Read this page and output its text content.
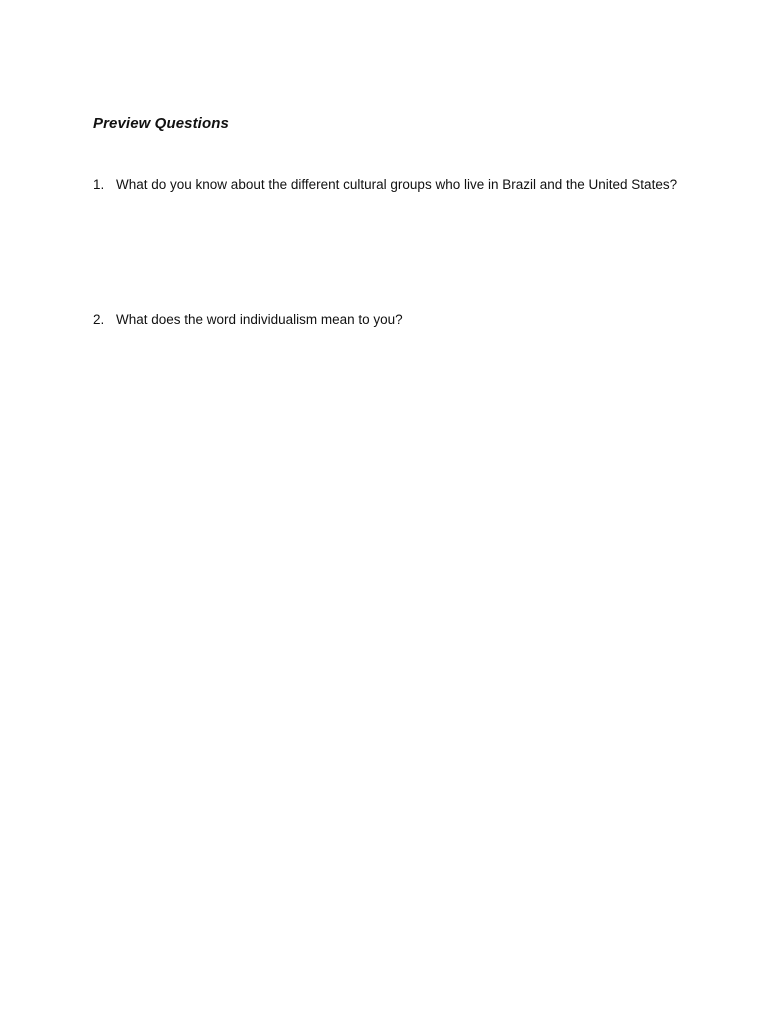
Preview Questions
1. What do you know about the different cultural groups who live in Brazil and the United States?
2. What does the word individualism mean to you?
